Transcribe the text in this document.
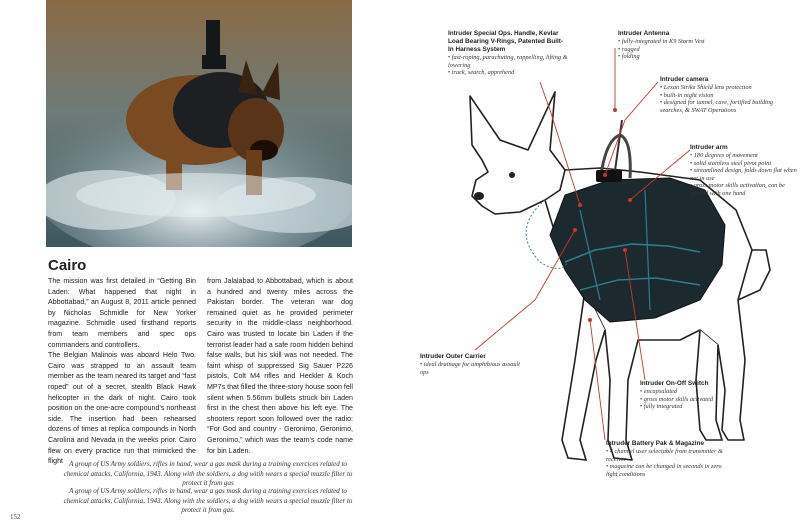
Cairo

The mission was first detailed in “Getting Bin Laden: What happened that night in Abbottabad,” an August 8, 2011 article penned by Nicholas Schmidle for New Yorker magazine. Schmidle used firsthand reports from team members and spec ops commanders and controllers.

The Belgian Malinois was aboard Helo Two. Cairo was strapped to an assault team member as the team neared its target and “fast roped” out of a secret, stealth Black Hawk helicopter in the dark of night. Cairo took position on the one-acre compound’s northeast side. The insertion had been rehearsed dozens of times at replica compounds in North Carolina and Nevada in the weeks prior. Cairo flew on every practice run that mimicked the flight

from Jalalabad to Abbottabad, which is about a hundred and twenty miles across the Pakistan border. The veteran war dog remained quiet as he provided perimeter security in the middle-class neighborhood. Cairo was trusted to locate bin Laden if the terrorist leader had a safe room hidden behind false walls, but his skill was not needed. The faint whisp of suppressed Sig Sauer P226 pistols, Colt M4 rifles and Heckler & Koch MP7s that filled the three-story house soon fell silent when 5.56mm bullets struck bin Laden first in the chest then above his left eye. The shooters report soon followed over the radio: “For God and country - Geronimo, Geronimo, Geronimo,” which was the team’s code name for bin Laden.

A group of US Army soldiers, rifles in hand, wear a gas mask during a training exercices related to chemical attacks, California, 1943. Along with the soldiers, a dog witih wears a special muzzle filter to protect it from gas
A group of US Army soldiers, rifles in hand, wear a gas mask during a training exercices related to chemical attacks, California, 1943. Along with the soldiers, a dog witih wears a special muzzle filter to protect it from gas.
152
Intruder Special Ops. Handle, Kevlar Load Bearing V-Rings, Patented Built-In Harness System
• fast-roping, parachuting, rappelling, lifting & lowering
• track, search, apprehend
Intruder Antenna
• fully-integrated in K9 Storm Vest
• rugged
• folding
Intruder camera
• Lexan Strike Shield lens protection
• built-in night vision
• designed for tunnel, cave, fortified building searches, & SWAT Operations
Intruder arm
• 180 degrees of movement
• solid stainless steel pivot point
• streamlined design, folds down flat when not in use
• gross motor skills activation, can be opened with one hand
Intruder Outer Carrier
• ideal drainage for amphibious assault ops
Intruder On-Off Switch
• encapsulated
• gross motor skills activated
• fully integrated
Intruder Battery Pak & Magazine
• 4 channel user selectable from transmitter & receiver
• magazine can be changed in seconds in zero light conditions
